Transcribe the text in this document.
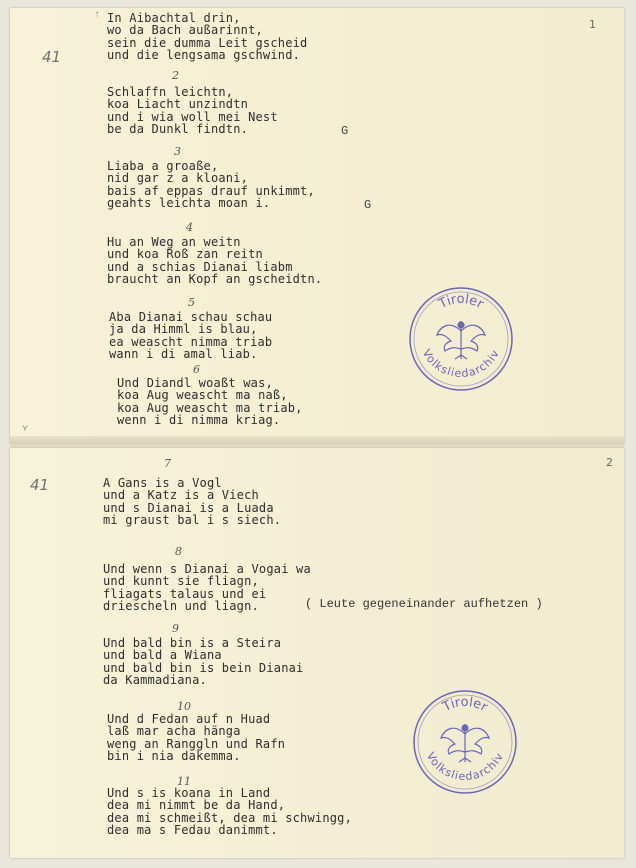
1
41
↑ In Aibachtal drin,
wo da Bach außarinnt,
sein die dumma Leit gscheid
und die lengsama gschwind.
2
Schlaffn leichtn,
koa Liacht unzindtn
und i wia woll mei Nest
be da Dunkl findtn.	G
3
Liaba a groaße,
nid gar z a kloani,
bais af eppas drauf unkimmt,
geahts leichta moan i.	G
4
Hu an Weg an weitn
und koa Roß zan reitn
und a schias Dianai liabm
braucht an Kopf an gscheidtn.
5
Aba Dianai schau schau
ja da Himml is blau,
ea weascht nimma triab
wann i di amal liab.
6
Und Diandl woaßt was,
koa Aug weascht ma naß,
koa Aug weascht ma triab,
wenn i di nimma kriag.
ʏ
Tiroler
Volksliedarchiv
2
41
7
A Gans is a Vogl
und a Katz is a Viech
und s Dianai is a Luada
mi graust bal i s siech.
8
Und wenn s Dianai a Vogai wa
und kunnt sie fliagn,
fliagats talaus und ei
driescheln und liagn.	( Leute gegeneinander aufhetzen )
9
Und bald bin is a Steira
und bald a Wiana
und bald bin is bein Dianai
da Kammadiana.
10
Und d Fedan auf n Huad
laß mar acha hänga
weng an Ranggln und Rafn
bin i nia dakemma.
11
Und s is koana in Land
dea mi nimmt be da Hand,
dea mi schmeißt, dea mi schwingg,
dea ma s Fedau danimmt.
Tiroler
Volksliedarchiv
